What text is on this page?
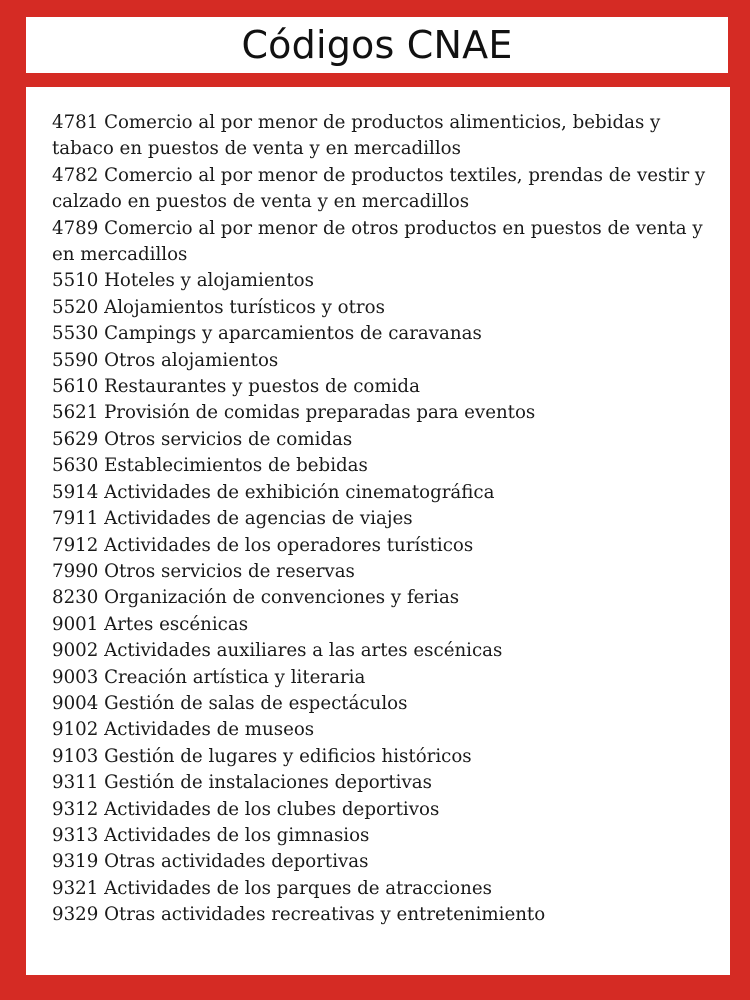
Códigos CNAE
4781 Comercio al por menor de productos alimenticios, bebidas y tabaco en puestos de venta y en mercadillos
4782 Comercio al por menor de productos textiles, prendas de vestir y calzado en puestos de venta y en mercadillos
4789 Comercio al por menor de otros productos en puestos de venta y en mercadillos
5510 Hoteles y alojamientos
5520 Alojamientos turísticos y otros
5530 Campings y aparcamientos de caravanas
5590 Otros alojamientos
5610 Restaurantes y puestos de comida
5621 Provisión de comidas preparadas para eventos
5629 Otros servicios de comidas
5630 Establecimientos de bebidas
5914 Actividades de exhibición cinematográfica
7911 Actividades de agencias de viajes
7912 Actividades de los operadores turísticos
7990 Otros servicios de reservas
8230 Organización de convenciones y ferias
9001 Artes escénicas
9002 Actividades auxiliares a las artes escénicas
9003 Creación artística y literaria
9004 Gestión de salas de espectáculos
9102 Actividades de museos
9103 Gestión de lugares y edificios históricos
9311 Gestión de instalaciones deportivas
9312 Actividades de los clubes deportivos
9313 Actividades de los gimnasios
9319 Otras actividades deportivas
9321 Actividades de los parques de atracciones
9329 Otras actividades recreativas y entretenimiento
